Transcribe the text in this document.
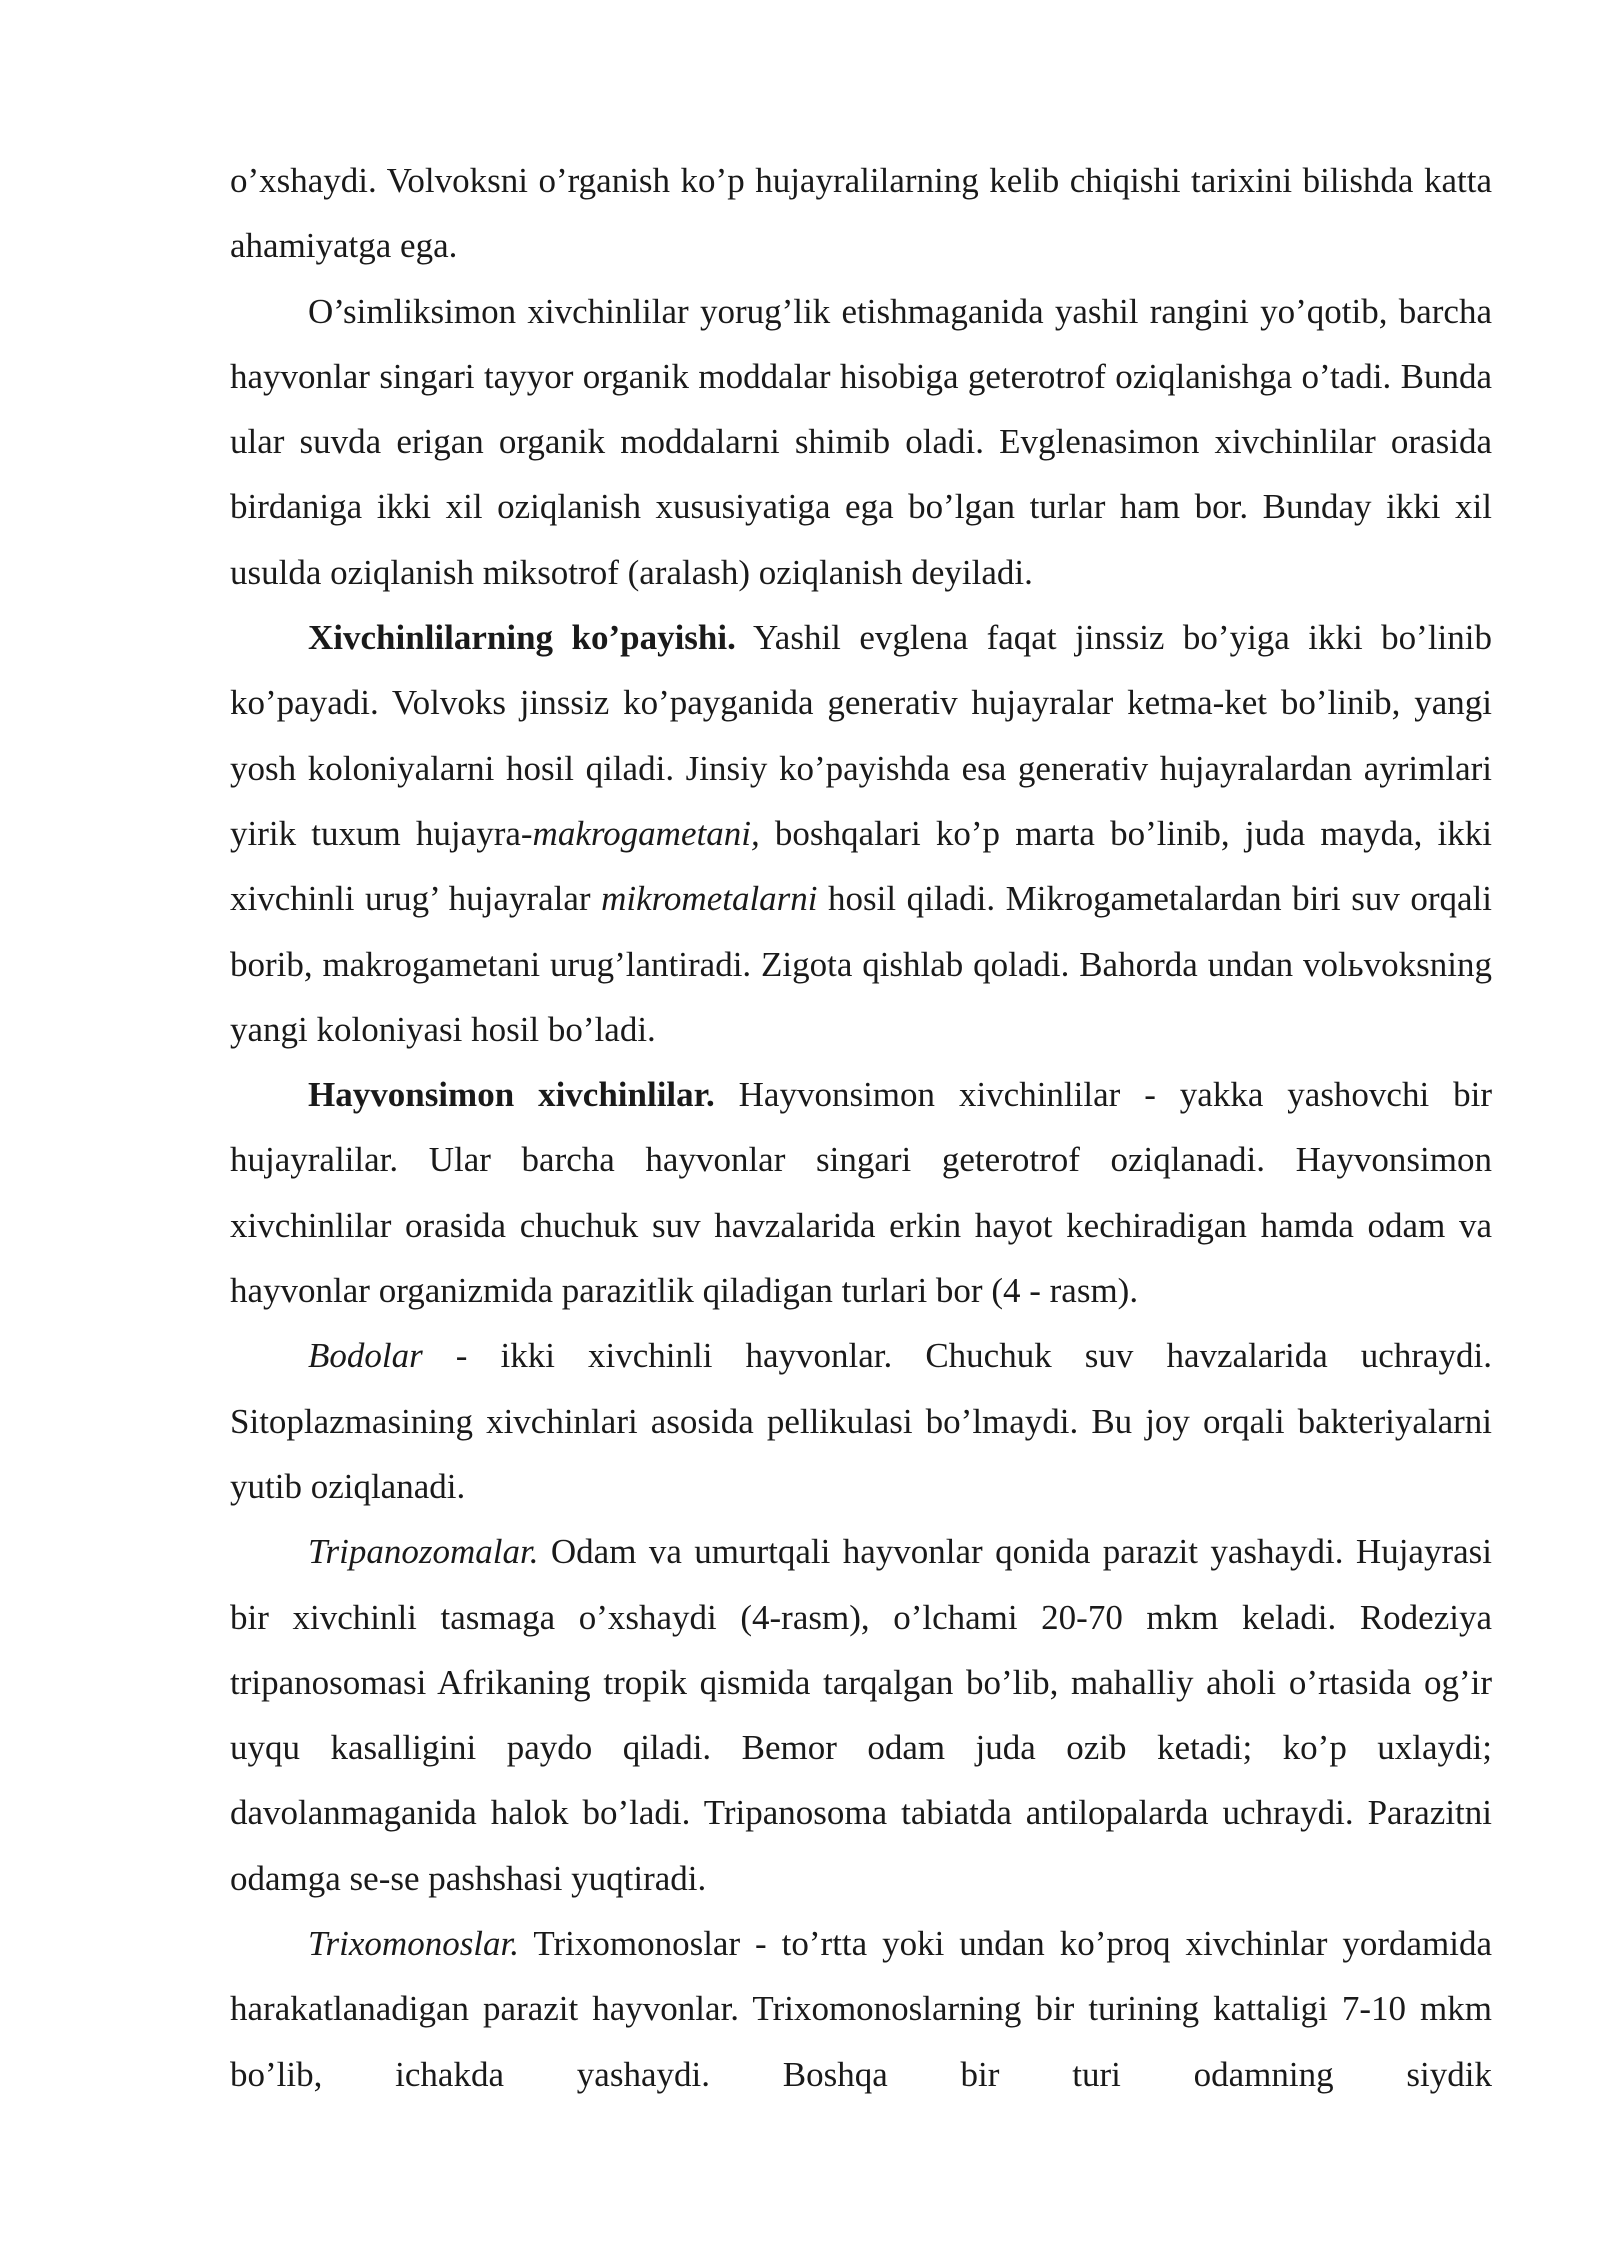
o’xshaydi. Volvoksni o’rganish ko’p hujayralilarning kelib chiqishi tarixini bilishda katta ahamiyatga ega.

O’simliksimon xivchinlilar yorug’lik etishmaganida yashil rangini yo’qotib, barcha hayvonlar singari tayyor organik moddalar hisobiga geterotrof oziqlanishga o’tadi. Bunda ular suvda erigan organik moddalarni shimib oladi. Evglenasimon xivchinlilar orasida birdaniga ikki xil oziqlanish xususiyatiga ega bo’lgan turlar ham bor. Bunday ikki xil usulda oziqlanish miksotrof (aralash) oziqlanish deyiladi.

Xivchinlilarning ko’payishi. Yashil evglena faqat jinssiz bo’yiga ikki bo’linib ko’payadi. Volvoks jinssiz ko’payganida generativ hujayralar ketma-ket bo’linib, yangi yosh koloniyalarni hosil qiladi. Jinsiy ko’payishda esa generativ hujayralardan ayrimlari yirik tuxum hujayra-makrogametani, boshqalari ko’p marta bo’linib, juda mayda, ikki xivchinli urug’ hujayralar mikrometalarni hosil qiladi. Mikrogametalardan biri suv orqali borib, makrogametani urug’lantiradi. Zigota qishlab qoladi. Bahorda undan volьvoksning yangi koloniyasi hosil bo’ladi.

Hayvonsimon xivchinlilar. Hayvonsimon xivchinlilar - yakka yashovchi bir hujayralilar. Ular barcha hayvonlar singari geterotrof oziqlanadi. Hayvonsimon xivchinlilar orasida chuchuk suv havzalarida erkin hayot kechiradigan hamda odam va hayvonlar organizmida parazitlik qiladigan turlari bor (4 - rasm).

Bodolar - ikki xivchinli hayvonlar. Chuchuk suv havzalarida uchraydi. Sitoplazmasining xivchinlari asosida pellikulasi bo’lmaydi. Bu joy orqali bakteriyalarni yutib oziqlanadi.

Tripanozomalar. Odam va umurtqali hayvonlar qonida parazit yashaydi. Hujayrasi bir xivchinli tasmaga o’xshaydi (4-rasm), o’lchami 20-70 mkm keladi. Rodeziya tripanosomasi Afrikaning tropik qismida tarqalgan bo’lib, mahalliy aholi o’rtasida og’ir uyqu kasalligini paydo qiladi. Bemor odam juda ozib ketadi; ko’p uxlaydi; davolanmaganida halok bo’ladi. Tripanosoma tabiatda antilopalarda uchraydi. Parazitni odamga se-se pashshasi yuqtiradi.

Trixomonoslar. Trixomonoslar - to’rtta yoki undan ko’proq xivchinlar yordamida harakatlanadigan parazit hayvonlar. Trixomonoslarning bir turining kattaligi 7-10 mkm bo’lib, ichakda yashaydi. Boshqa bir turi odamning siydik
